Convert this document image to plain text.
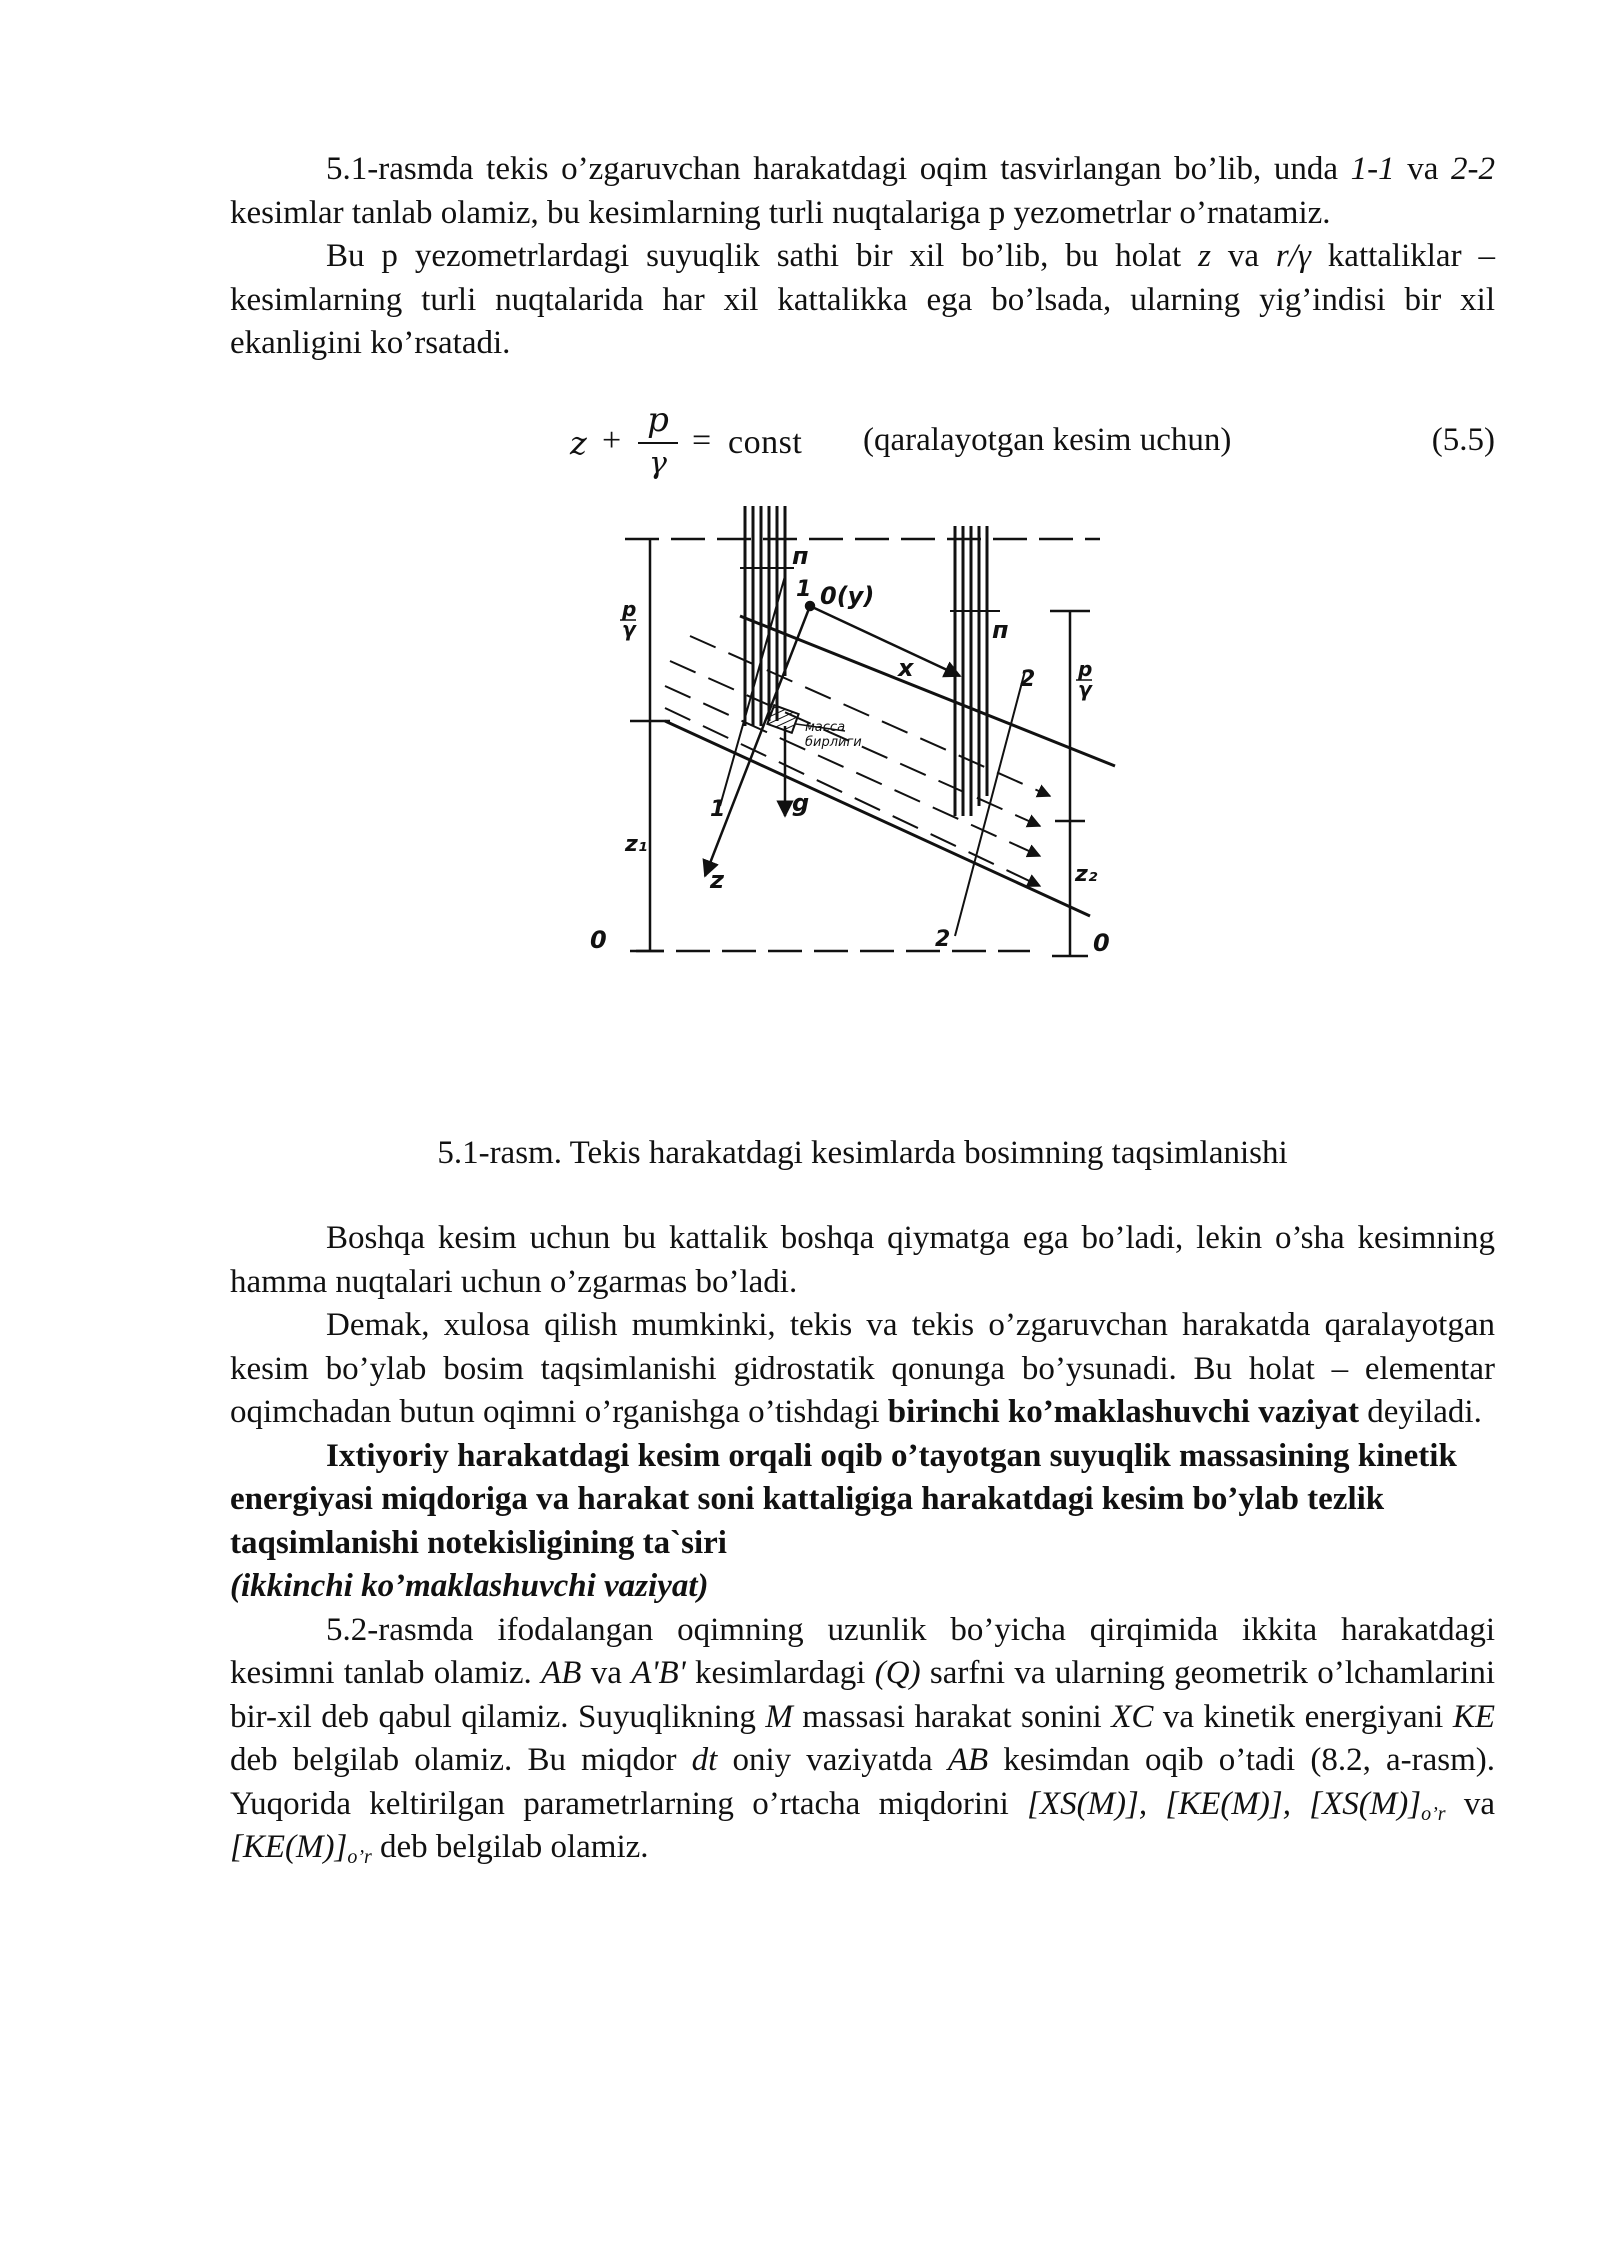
5.1-rasmda tekis o’zgaruvchan harakatdagi oqim tasvirlangan bo’lib, unda 1-1 va 2-2 kesimlar tanlab olamiz, bu kesimlarning turli nuqtalariga p yezometrlar o’rnatamiz.

Bu p yezometrlardagi suyuqlik sathi bir xil bo’lib, bu holat z va r/γ kattaliklar – kesimlarning turli nuqtalarida har xil kattalikka ega bo’lsada, ularning yig’indisi bir xil ekanligini ko’rsatadi.

z +
p
γ
= const (qaralayotgan kesim uchun)	(5.5)
п
1 0(у)
п
x	2
1
z₁
g
z	z₂
2
0	0
p
γ
p
γ
масса
бирлиги

5.1-rasm. Tekis harakatdagi kesimlarda bosimning taqsimlanishi

Boshqa kesim uchun bu kattalik boshqa qiymatga ega bo’ladi, lekin o’sha kesimning hamma nuqtalari uchun o’zgarmas bo’ladi.

Demak, xulosa qilish mumkinki, tekis va tekis o’zgaruvchan harakatda qaralayotgan kesim bo’ylab bosim taqsimlanishi gidrostatik qonunga bo’ysunadi. Bu holat – elementar oqimchadan butun oqimni o’rganishga o’tishdagi birinchi ko’maklashuvchi vaziyat deyiladi.

Ixtiyoriy harakatdagi kesim orqali oqib o’tayotgan suyuqlik massasining kinetik energiyasi miqdoriga va harakat soni kattaligiga harakatdagi kesim bo’ylab tezlik taqsimlanishi notekisligining ta`siri

(ikkinchi ko’maklashuvchi vaziyat)

5.2-rasmda ifodalangan oqimning uzunlik bo’yicha qirqimida ikkita harakatdagi kesimni tanlab olamiz. AB va A'B' kesimlardagi (Q) sarfni va ularning geometrik o’lchamlarini bir-xil deb qabul qilamiz. Suyuqlikning M massasi harakat sonini XC va kinetik energiyani KE deb belgilab olamiz. Bu miqdor dt oniy vaziyatda AB kesimdan oqib o’tadi (8.2, a-rasm). Yuqorida keltirilgan parametrlarning o’rtacha miqdorini [XS(M)], [KE(M)], $[XS(M)]_{o’r}$ va $[KE(M)]_{o’r}$ deb belgilab olamiz.
